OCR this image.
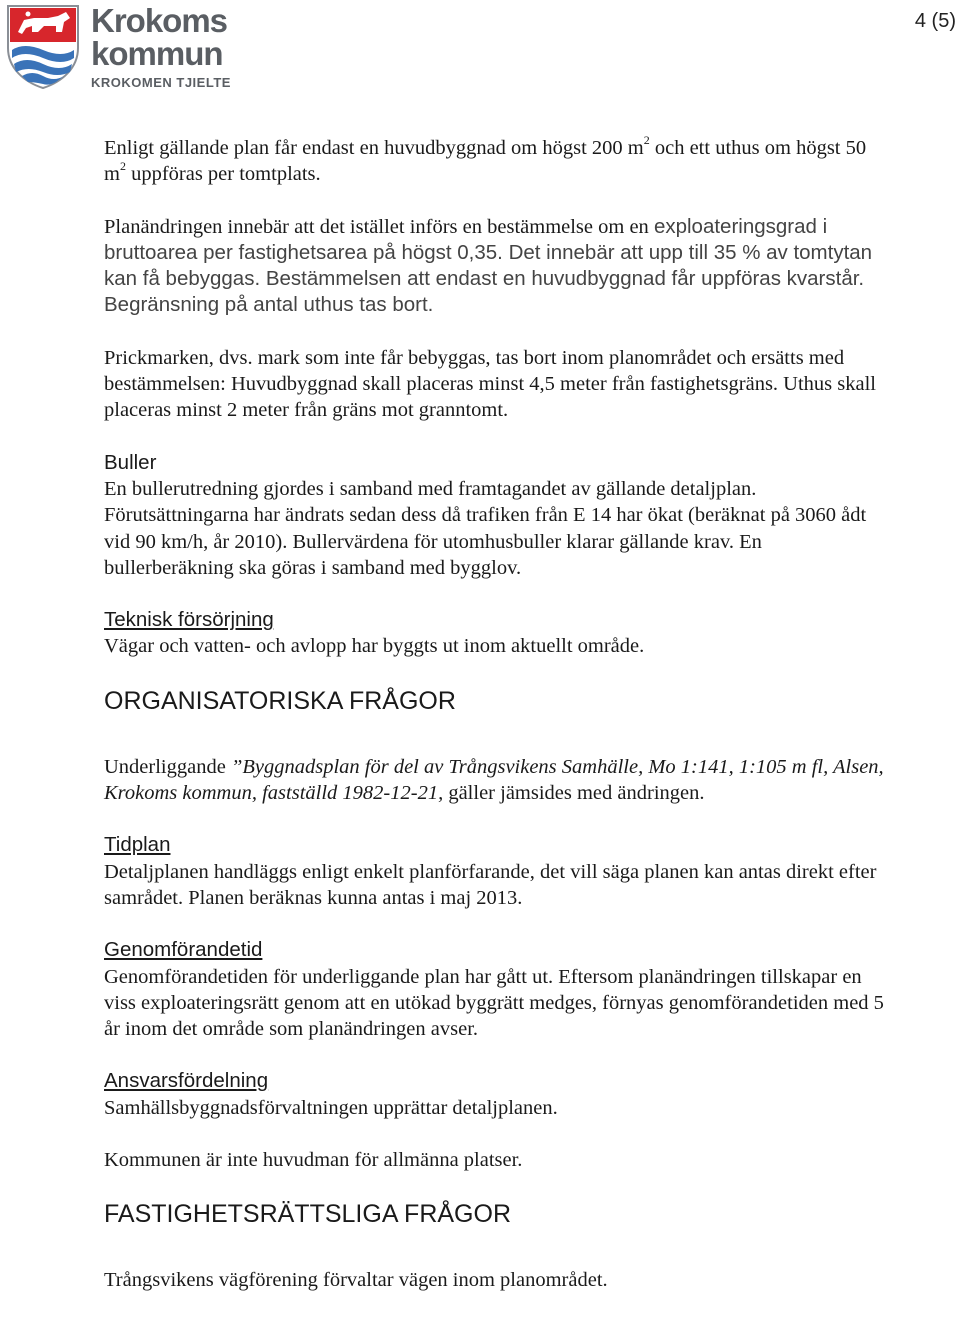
Krokoms
kommun
KROKOMEN TJIELTE
4 (5)

Enligt gällande plan får endast en huvudbyggnad om högst 200 $m^2$ och ett uthus om högst 50 $m^2$ uppföras per tomtplats.

Planändringen innebär att det istället införs en bestämmelse om en exploateringsgrad i bruttoarea per fastighetsarea på högst 0,35. Det innebär att upp till 35 % av tomtytan kan få bebyggas. Bestämmelsen att endast en huvudbyggnad får uppföras kvarstår. Begränsning på antal uthus tas bort.

Prickmarken, dvs. mark som inte får bebyggas, tas bort inom planområdet och ersätts med bestämmelsen: Huvudbyggnad skall placeras minst 4,5 meter från fastighetsgräns. Uthus skall placeras minst 2 meter från gräns mot granntomt.

Buller

En bullerutredning gjordes i samband med framtagandet av gällande detaljplan. Förutsättningarna har ändrats sedan dess då trafiken från E 14 har ökat (beräknat på 3060 ådt vid 90 km/h, år 2010). Bullervärdena för utomhusbuller klarar gällande krav. En bullerberäkning ska göras i samband med bygglov.

Teknisk försörjning

Vägar och vatten- och avlopp har byggts ut inom aktuellt område.

ORGANISATORISKA FRÅGOR

Underliggande ”Byggnadsplan för del av Trångsvikens Samhälle, Mo 1:141, 1:105 m fl, Alsen, Krokoms kommun, fastställd 1982-12-21, gäller jämsides med ändringen.

Tidplan

Detaljplanen handläggs enligt enkelt planförfarande, det vill säga planen kan antas direkt efter samrådet. Planen beräknas kunna antas i maj 2013.

Genomförandetid

Genomförandetiden för underliggande plan har gått ut. Eftersom planändringen tillskapar en viss exploateringsrätt genom att en utökad byggrätt medges, förnyas genomförandetiden med 5 år inom det område som planändringen avser.

Ansvarsfördelning

Samhällsbyggnadsförvaltningen upprättar detaljplanen.

Kommunen är inte huvudman för allmänna platser.

FASTIGHETSRÄTTSLIGA FRÅGOR

Trångsvikens vägförening förvaltar vägen inom planområdet.
